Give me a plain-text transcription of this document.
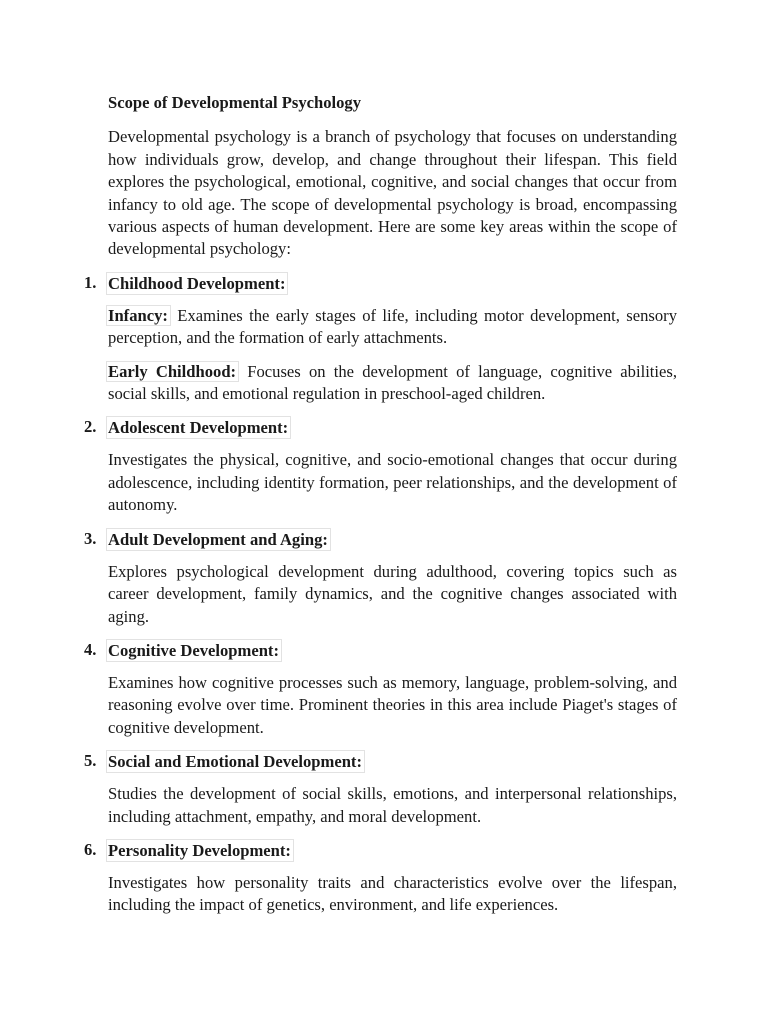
Scope of Developmental Psychology
Developmental psychology is a branch of psychology that focuses on understanding how individuals grow, develop, and change throughout their lifespan. This field explores the psychological, emotional, cognitive, and social changes that occur from infancy to old age. The scope of developmental psychology is broad, encompassing various aspects of human development. Here are some key areas within the scope of developmental psychology:
1. Childhood Development:
Infancy: Examines the early stages of life, including motor development, sensory perception, and the formation of early attachments.
Early Childhood: Focuses on the development of language, cognitive abilities, social skills, and emotional regulation in preschool-aged children.
2. Adolescent Development:
Investigates the physical, cognitive, and socio-emotional changes that occur during adolescence, including identity formation, peer relationships, and the development of autonomy.
3. Adult Development and Aging:
Explores psychological development during adulthood, covering topics such as career development, family dynamics, and the cognitive changes associated with aging.
4. Cognitive Development:
Examines how cognitive processes such as memory, language, problem-solving, and reasoning evolve over time. Prominent theories in this area include Piaget's stages of cognitive development.
5. Social and Emotional Development:
Studies the development of social skills, emotions, and interpersonal relationships, including attachment, empathy, and moral development.
6. Personality Development:
Investigates how personality traits and characteristics evolve over the lifespan, including the impact of genetics, environment, and life experiences.
